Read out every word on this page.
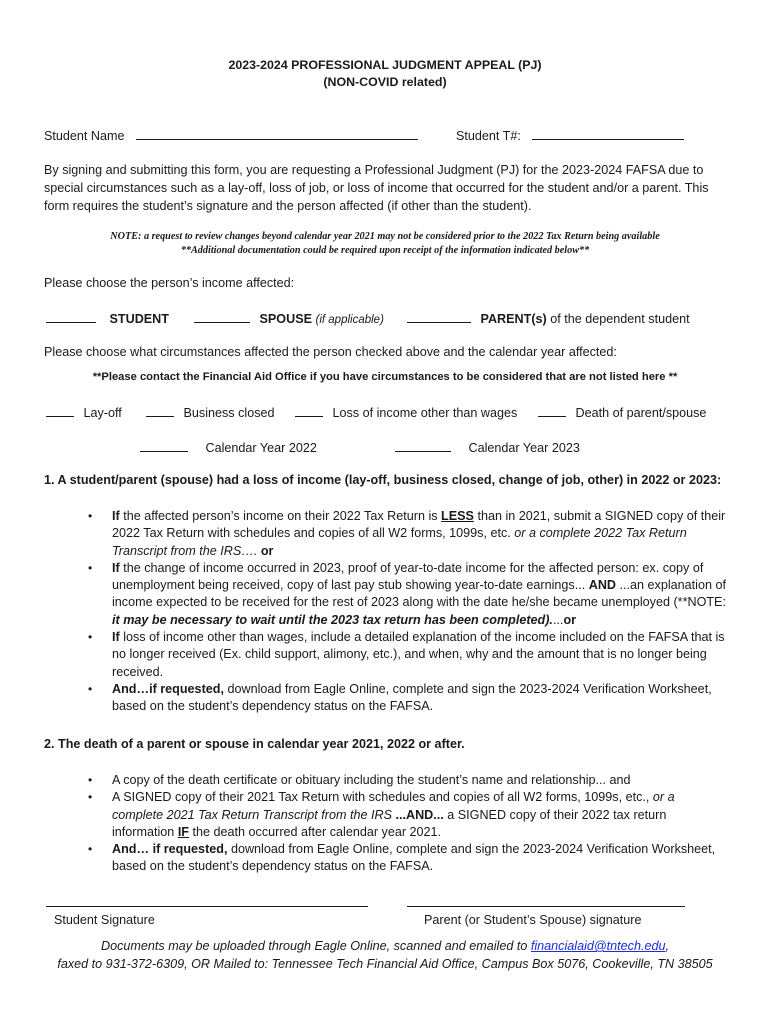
2023-2024 PROFESSIONAL JUDGMENT APPEAL (PJ)
(NON-COVID related)
Student Name	Student T#:
By signing and submitting this form, you are requesting a Professional Judgment (PJ) for the 2023-2024 FAFSA due to special circumstances such as a lay-off, loss of job, or loss of income that occurred for the student and/or a parent. This form requires the student’s signature and the person affected (if other than the student).
NOTE: a request to review changes beyond calendar year 2021 may not be considered prior to the 2022 Tax Return being available
**Additional documentation could be required upon receipt of the information indicated below**
Please choose the person’s income affected:
STUDENT	SPOUSE (if applicable)	PARENT(s) of the dependent student
Please choose what circumstances affected the person checked above and the calendar year affected:
**Please contact the Financial Aid Office if you have circumstances to be considered that are not listed here **
Lay-off	Business closed	Loss of income other than wages	Death of parent/spouse
Calendar Year 2022	Calendar Year 2023
1. A student/parent (spouse) had a loss of income (lay-off, business closed, change of job, other) in 2022 or 2023:
• If the affected person’s income on their 2022 Tax Return is LESS than in 2021, submit a SIGNED copy of their 2022 Tax Return with schedules and copies of all W2 forms, 1099s, etc. or a complete 2022 Tax Return Transcript from the IRS…. or
• If the change of income occurred in 2023, proof of year-to-date income for the affected person: ex. copy of unemployment being received, copy of last pay stub showing year-to-date earnings... AND ...an explanation of income expected to be received for the rest of 2023 along with the date he/she became unemployed (**NOTE: it may be necessary to wait until the 2023 tax return has been completed)....or
• If loss of income other than wages, include a detailed explanation of the income included on the FAFSA that is no longer received (Ex. child support, alimony, etc.), and when, why and the amount that is no longer being received.
• And…if requested, download from Eagle Online, complete and sign the 2023-2024 Verification Worksheet, based on the student’s dependency status on the FAFSA.
2. The death of a parent or spouse in calendar year 2021, 2022 or after.
• A copy of the death certificate or obituary including the student’s name and relationship... and
• A SIGNED copy of their 2021 Tax Return with schedules and copies of all W2 forms, 1099s, etc., or a complete 2021 Tax Return Transcript from the IRS ...AND... a SIGNED copy of their 2022 tax return information IF the death occurred after calendar year 2021.
• And… if requested, download from Eagle Online, complete and sign the 2023-2024 Verification Worksheet, based on the student’s dependency status on the FAFSA.
Student Signature	Parent (or Student’s Spouse) signature
Documents may be uploaded through Eagle Online, scanned and emailed to financialaid@tntech.edu,
faxed to 931-372-6309, OR Mailed to: Tennessee Tech Financial Aid Office, Campus Box 5076, Cookeville, TN 38505
